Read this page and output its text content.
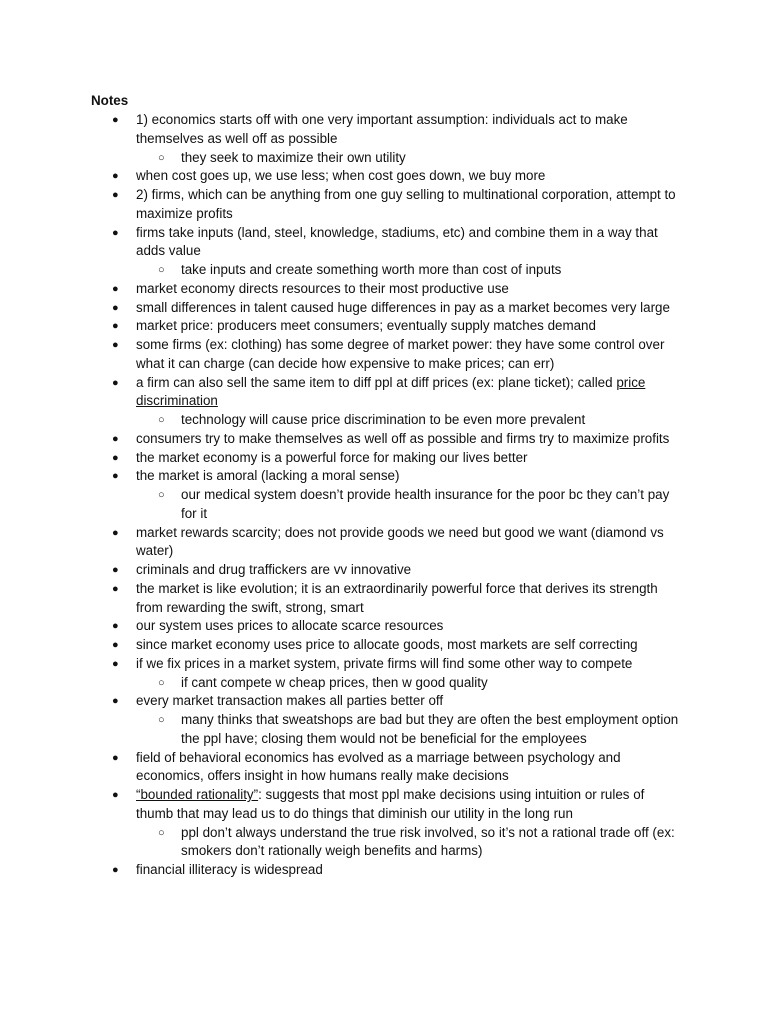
Notes
● 1) economics starts off with one very important assumption: individuals act to make themselves as well off as possible
○ they seek to maximize their own utility
● when cost goes up, we use less; when cost goes down, we buy more
● 2) firms, which can be anything from one guy selling to multinational corporation, attempt to maximize profits
● firms take inputs (land, steel, knowledge, stadiums, etc) and combine them in a way that adds value
○ take inputs and create something worth more than cost of inputs
● market economy directs resources to their most productive use
● small differences in talent caused huge differences in pay as a market becomes very large
● market price: producers meet consumers; eventually supply matches demand
● some firms (ex: clothing) has some degree of market power: they have some control over what it can charge (can decide how expensive to make prices; can err)
● a firm can also sell the same item to diff ppl at diff prices (ex: plane ticket); called price discrimination
○ technology will cause price discrimination to be even more prevalent
● consumers try to make themselves as well off as possible and firms try to maximize profits
● the market economy is a powerful force for making our lives better
● the market is amoral (lacking a moral sense)
○ our medical system doesn’t provide health insurance for the poor bc they can’t pay for it
● market rewards scarcity; does not provide goods we need but good we want (diamond vs water)
● criminals and drug traffickers are vv innovative
● the market is like evolution; it is an extraordinarily powerful force that derives its strength from rewarding the swift, strong, smart
● our system uses prices to allocate scarce resources
● since market economy uses price to allocate goods, most markets are self correcting
● if we fix prices in a market system, private firms will find some other way to compete
○ if cant compete w cheap prices, then w good quality
● every market transaction makes all parties better off
○ many thinks that sweatshops are bad but they are often the best employment option the ppl have; closing them would not be beneficial for the employees
● field of behavioral economics has evolved as a marriage between psychology and economics, offers insight in how humans really make decisions
● “bounded rationality”: suggests that most ppl make decisions using intuition or rules of thumb that may lead us to do things that diminish our utility in the long run
○ ppl don’t always understand the true risk involved, so it’s not a rational trade off (ex: smokers don’t rationally weigh benefits and harms)
● financial illiteracy is widespread
